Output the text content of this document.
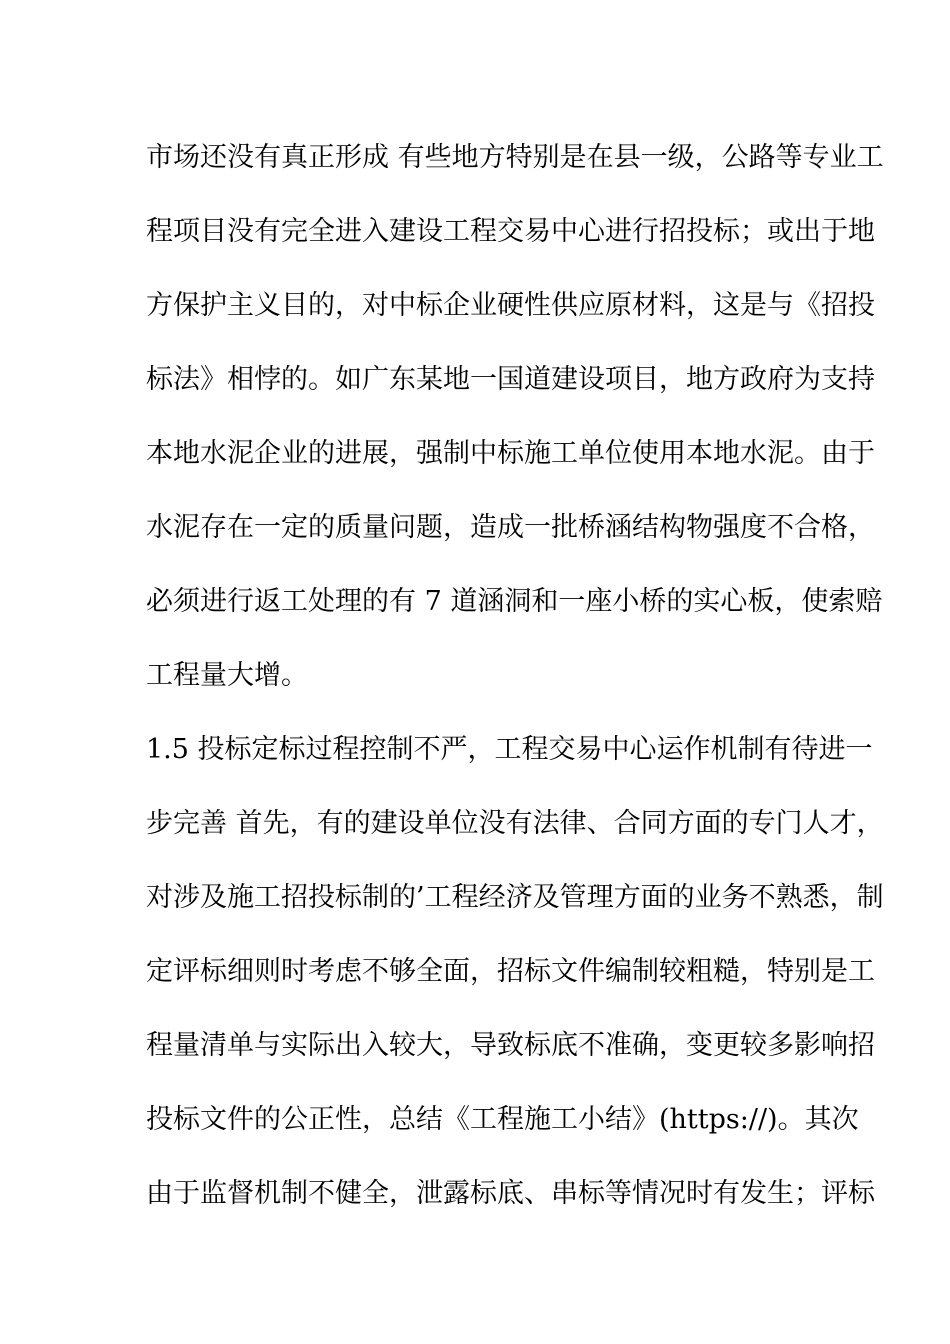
市场还没有真正形成 有些地方特别是在县一级，公路等专业工
程项目没有完全进入建设工程交易中心进行招投标；或出于地
方保护主义目的，对中标企业硬性供应原材料，这是与《招投
标法》相悖的。如广东某地一国道建设项目，地方政府为支持
本地水泥企业的进展，强制中标施工单位使用本地水泥。由于
水泥存在一定的质量问题，造成一批桥涵结构物强度不合格，
必须进行返工处理的有 7 道涵洞和一座小桥的实心板，使索赔
工程量大增。
1.5 投标定标过程控制不严，工程交易中心运作机制有待进一
步完善 首先，有的建设单位没有法律、合同方面的专门人才，
对涉及施工招投标制的’工程经济及管理方面的业务不熟悉，制
定评标细则时考虑不够全面，招标文件编制较粗糙，特别是工
程量清单与实际出入较大，导致标底不准确，变更较多影响招
投标文件的公正性，总结《工程施工小结》(https://)。其次
由于监督机制不健全，泄露标底、串标等情况时有发生；评标
